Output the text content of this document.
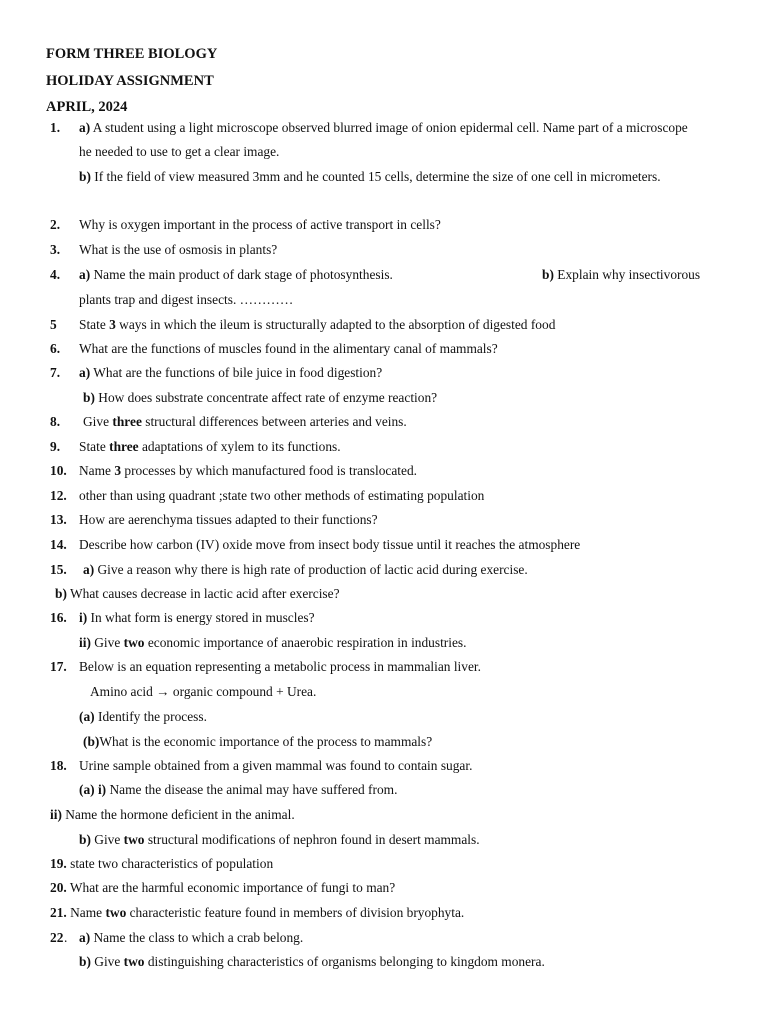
FORM THREE BIOLOGY
HOLIDAY ASSIGNMENT
APRIL, 2024
1. a) A student using a light microscope observed blurred image of onion epidermal cell. Name part of a microscope
he needed to use to get a clear image.
b) If the field of view measured 3mm and he counted 15 cells, determine the size of one cell in micrometers.
2. Why is oxygen important in the process of active transport in cells?
3. What is the use of osmosis in plants?
4. a) Name the main product of dark stage of photosynthesis.	b) Explain why insectivorous
plants trap and digest insects. …………
5 State 3 ways in which the ileum is structurally adapted to the absorption of digested food
6. What are the functions of muscles found in the alimentary canal of mammals?
7. a) What are the functions of bile juice in food digestion?
b) How does substrate concentrate affect rate of enzyme reaction?
8. Give three structural differences between arteries and veins.
9. State three adaptations of xylem to its functions.
10. Name 3 processes by which manufactured food is translocated.
12. other than using quadrant ;state two other methods of estimating population
13. How are aerenchyma tissues adapted to their functions?
14. Describe how carbon (IV) oxide move from insect body tissue until it reaches the atmosphere
15. a) Give a reason why there is high rate of production of lactic acid during exercise.
b) What causes decrease in lactic acid after exercise?
16. i) In what form is energy stored in muscles?
ii) Give two economic importance of anaerobic respiration in industries.
17. Below is an equation representing a metabolic process in mammalian liver.
Amino acid → organic compound + Urea.
(a) Identify the process.
(b)What is the economic importance of the process to mammals?
18. Urine sample obtained from a given mammal was found to contain sugar.
(a) i) Name the disease the animal may have suffered from.
ii) Name the hormone deficient in the animal.
b) Give two structural modifications of nephron found in desert mammals.
19. state two characteristics of population
20. What are the harmful economic importance of fungi to man?
21. Name two characteristic feature found in members of division bryophyta.
22 . a) Name the class to which a crab belong.
b) Give two distinguishing characteristics of organisms belonging to kingdom monera.
